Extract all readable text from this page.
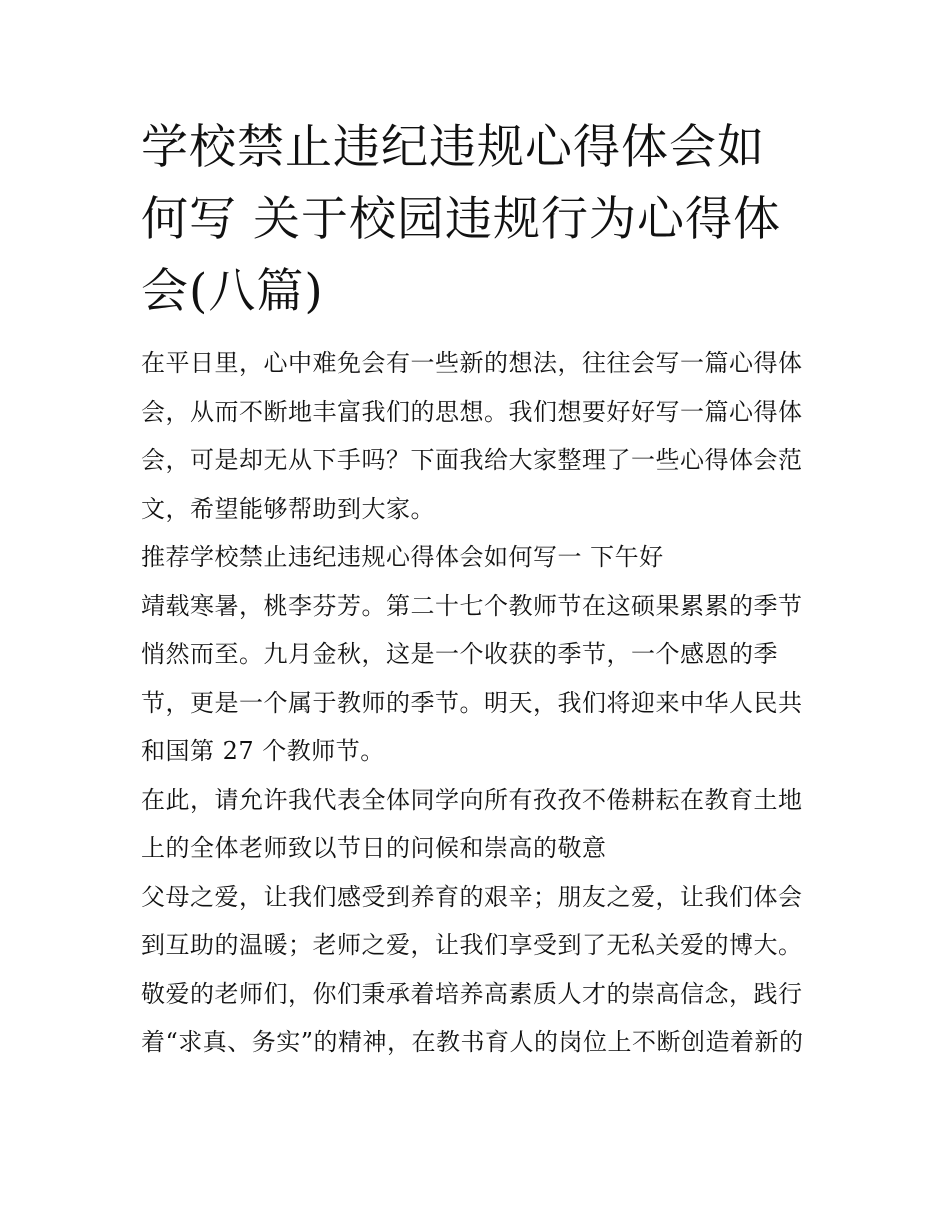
学校禁止违纪违规心得体会如
何写 关于校园违规行为心得体
会(八篇)
在平日里，心中难免会有一些新的想法，往往会写一篇心得体
会，从而不断地丰富我们的思想。我们想要好好写一篇心得体
会，可是却无从下手吗？下面我给大家整理了一些心得体会范
文，希望能够帮助到大家。
推荐学校禁止违纪违规心得体会如何写一 下午好
靖载寒暑，桃李芬芳。第二十七个教师节在这硕果累累的季节
悄然而至。九月金秋，这是一个收获的季节，一个感恩的季
节，更是一个属于教师的季节。明天，我们将迎来中华人民共
和国第 27 个教师节。
在此，请允许我代表全体同学向所有孜孜不倦耕耘在教育土地
上的全体老师致以节日的问候和崇高的敬意
父母之爱，让我们感受到养育的艰辛；朋友之爱，让我们体会
到互助的温暖；老师之爱，让我们享受到了无私关爱的博大。
敬爱的老师们，你们秉承着培养高素质人才的崇高信念，践行
着“求真、务实”的精神，在教书育人的岗位上不断创造着新的
